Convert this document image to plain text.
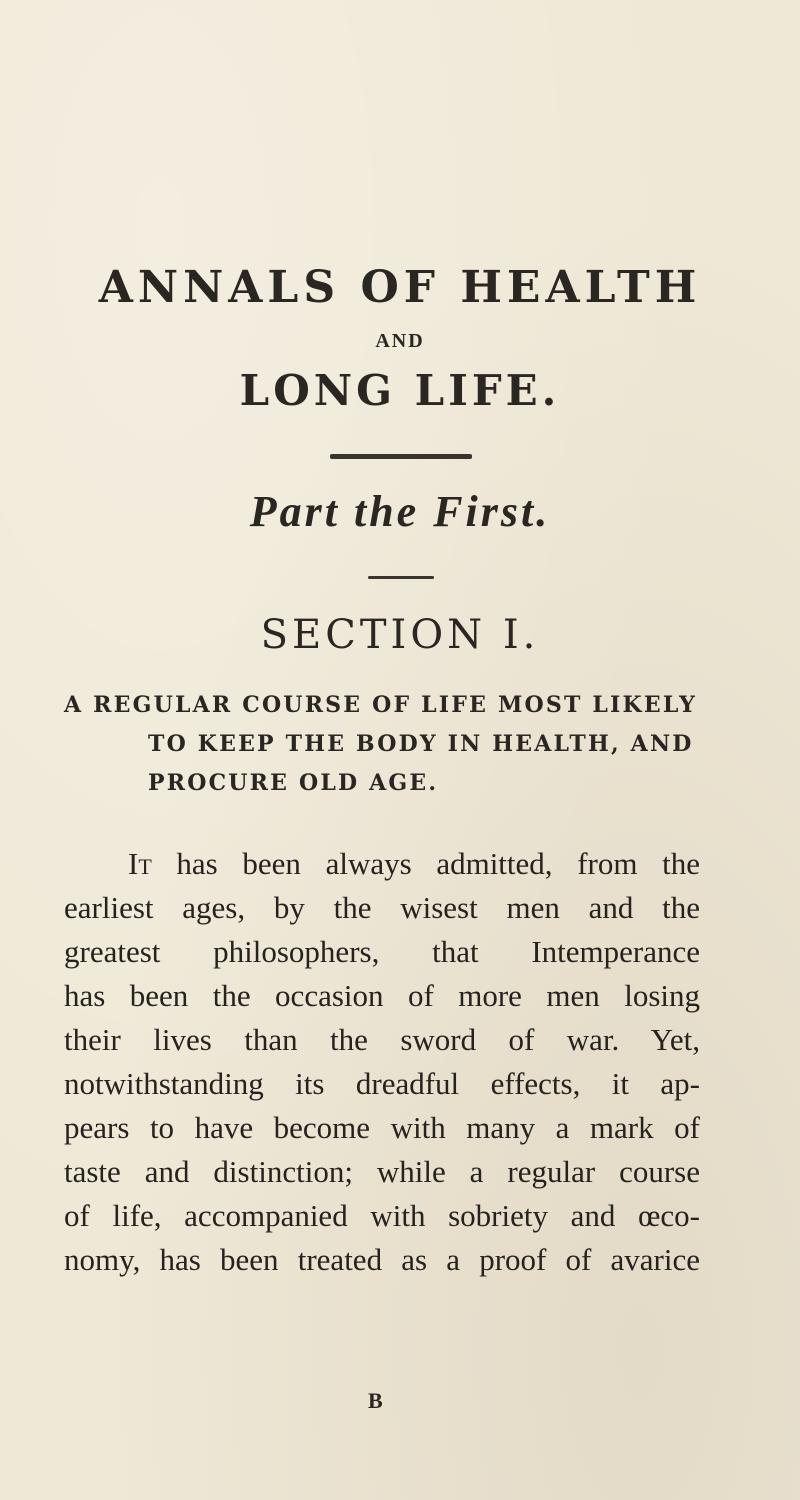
ANNALS OF HEALTH
AND
LONG LIFE.
Part the First.
SECTION I.
A REGULAR COURSE OF LIFE MOST LIKELY
TO KEEP THE BODY IN HEALTH, AND
PROCURE OLD AGE.
It has been always admitted, from the
earliest ages, by the wisest men and the
greatest philosophers, that Intemperance
has been the occasion of more men losing
their lives than the sword of war. Yet,
notwithstanding its dreadful effects, it ap-
pears to have become with many a mark of
taste and distinction; while a regular course
of life, accompanied with sobriety and œco-
nomy, has been treated as a proof of avarice
B
